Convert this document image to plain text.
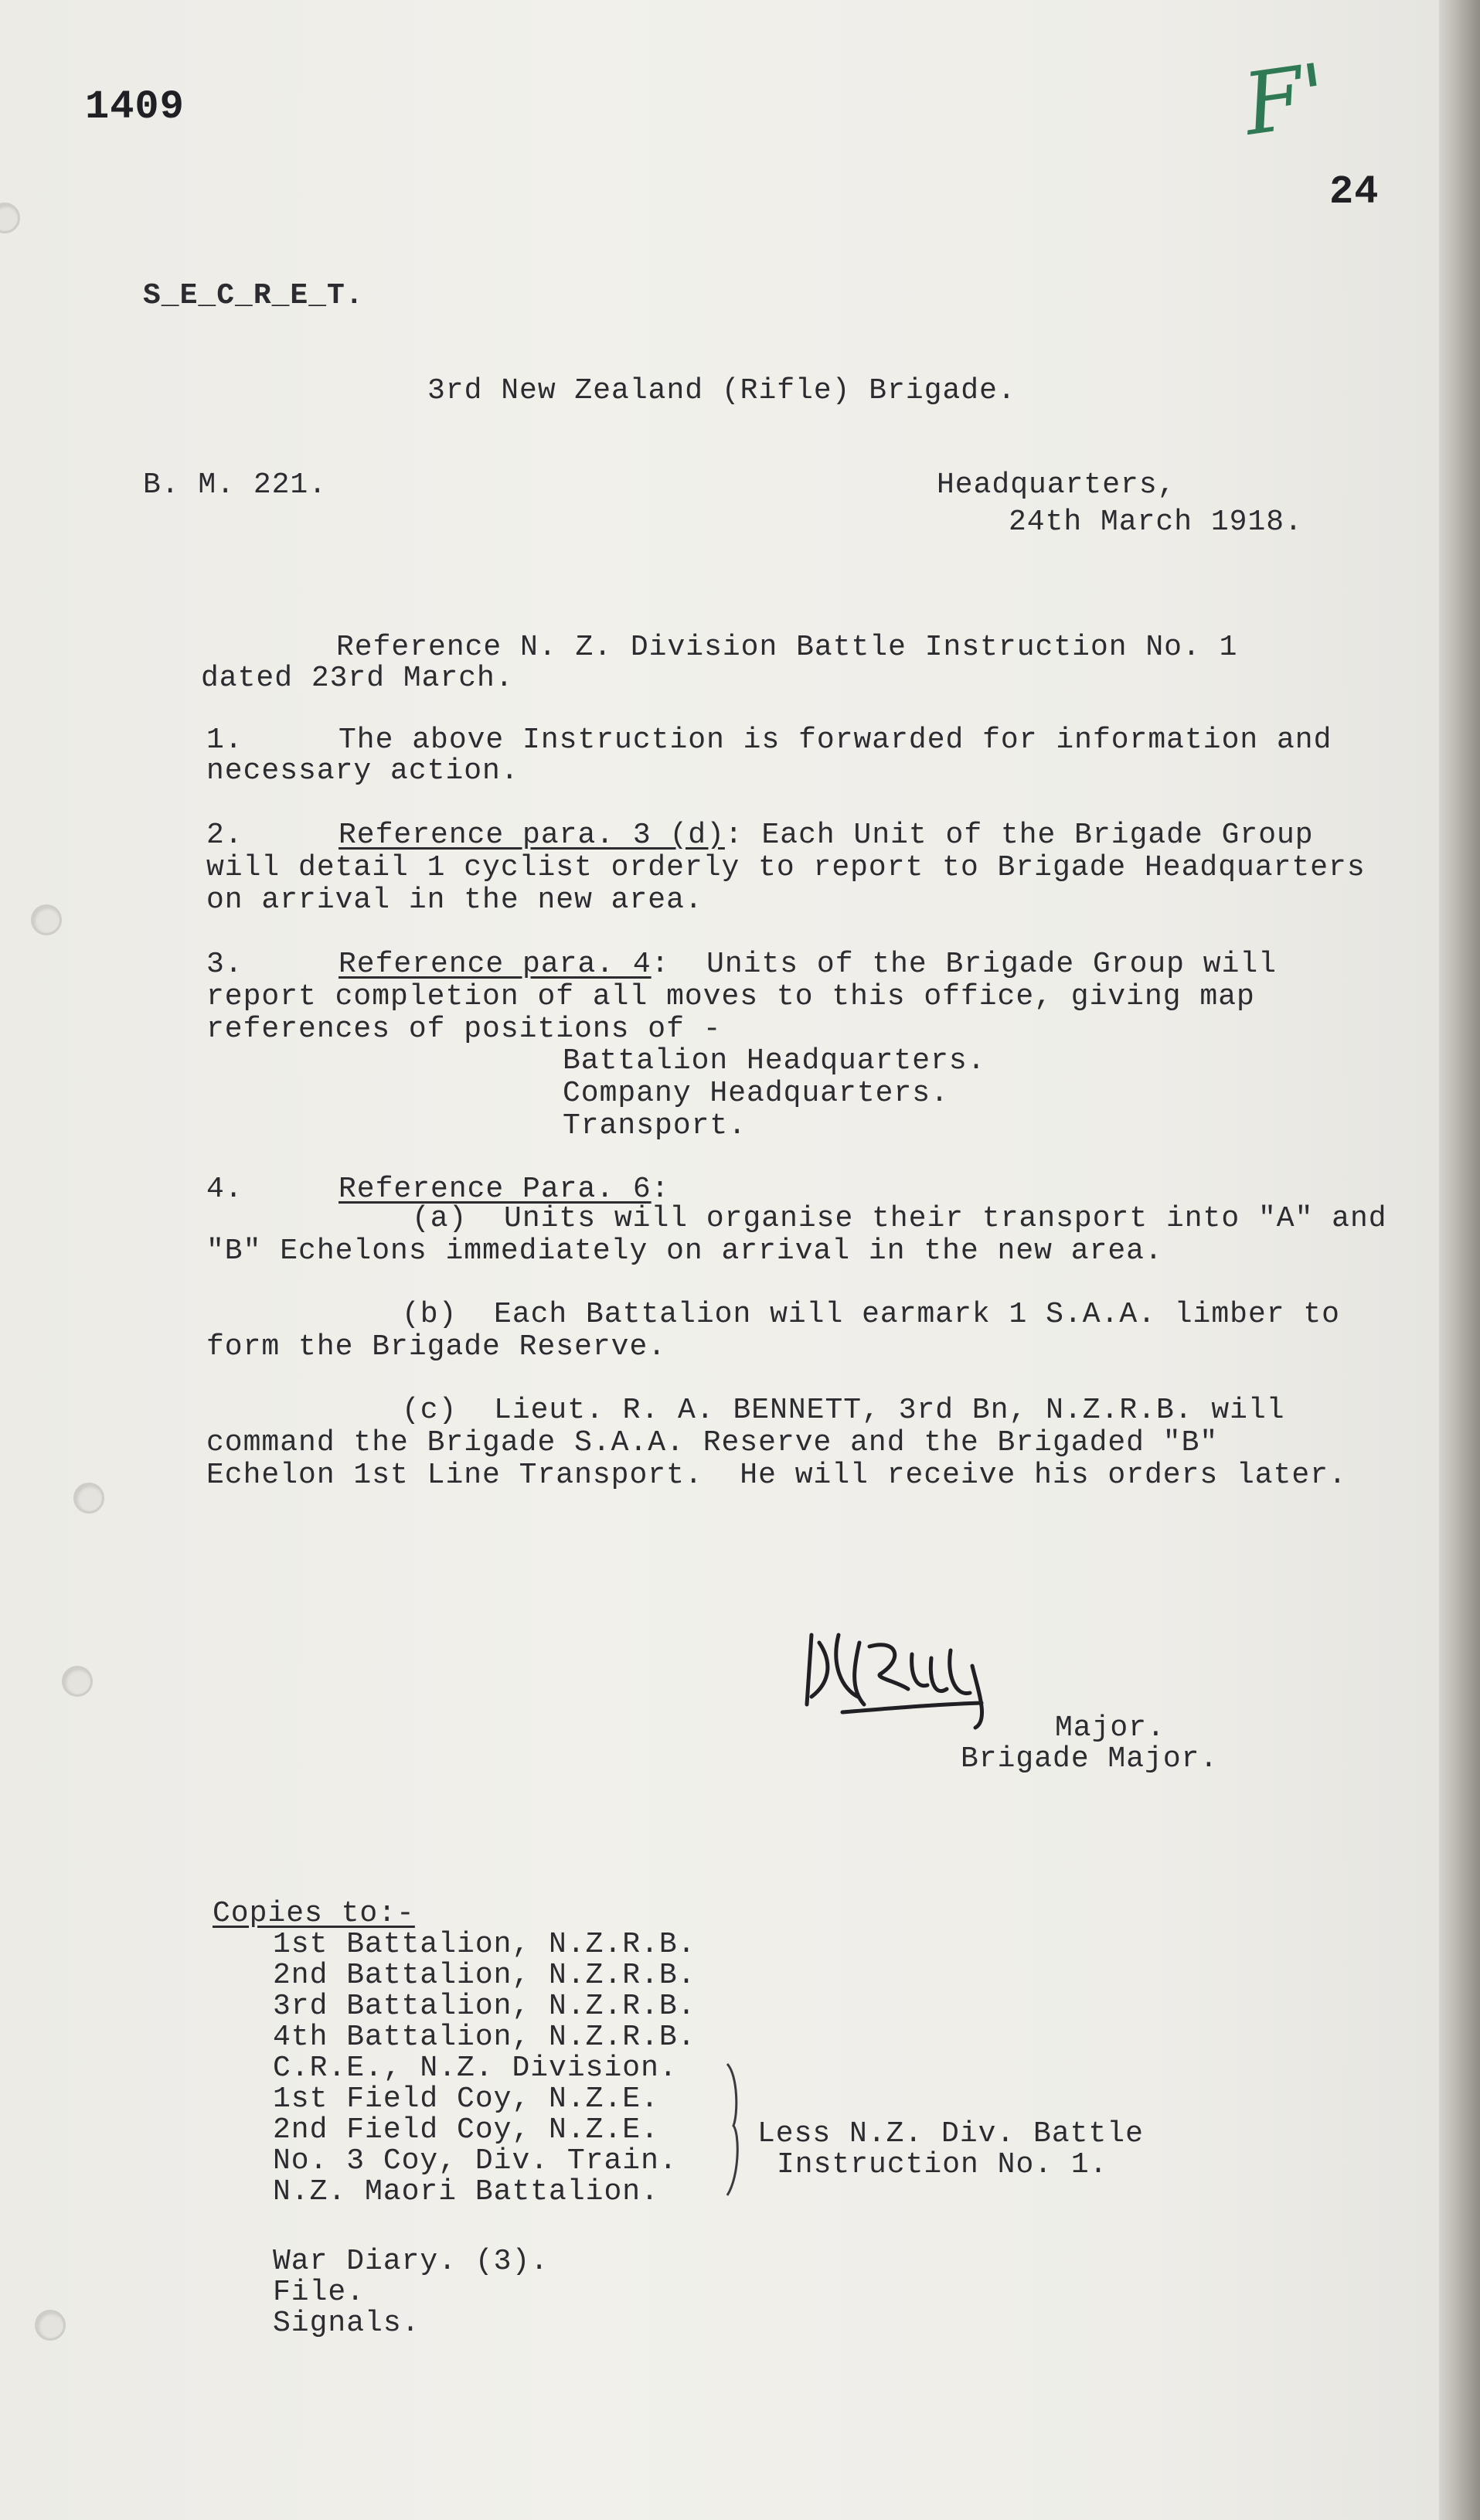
1409	F'
24
S_E_C_R_E_T.
3rd New Zealand (Rifle) Brigade.
B. M. 221.	Headquarters,
24th March 1918.
Reference N. Z. Division Battle Instruction No. 1
dated 23rd March.
1.	The above Instruction is forwarded for information and
necessary action.
2.	Reference para. 3 (d): Each Unit of the Brigade Group
will detail 1 cyclist orderly to report to Brigade Headquarters
on arrival in the new area.
3.	Reference para. 4:  Units of the Brigade Group will
report completion of all moves to this office, giving map
references of positions of -
Battalion Headquarters.
Company Headquarters.
Transport.
4.	Reference Para. 6:
(a)  Units will organise their transport into "A" and
"B" Echelons immediately on arrival in the new area.
(b)  Each Battalion will earmark 1 S.A.A. limber to
form the Brigade Reserve.
(c)  Lieut. R. A. BENNETT, 3rd Bn, N.Z.R.B. will
command the Brigade S.A.A. Reserve and the Brigaded "B"
Echelon 1st Line Transport.  He will receive his orders later.
Major.
Brigade Major.
Copies to:-
1st Battalion, N.Z.R.B.
2nd Battalion, N.Z.R.B.
3rd Battalion, N.Z.R.B.
4th Battalion, N.Z.R.B.
C.R.E., N.Z. Division.
1st Field Coy, N.Z.E.
2nd Field Coy, N.Z.E.
No. 3 Coy, Div. Train.
N.Z. Maori Battalion.
Less N.Z. Div. Battle
Instruction No. 1.
War Diary. (3).
File.
Signals.
